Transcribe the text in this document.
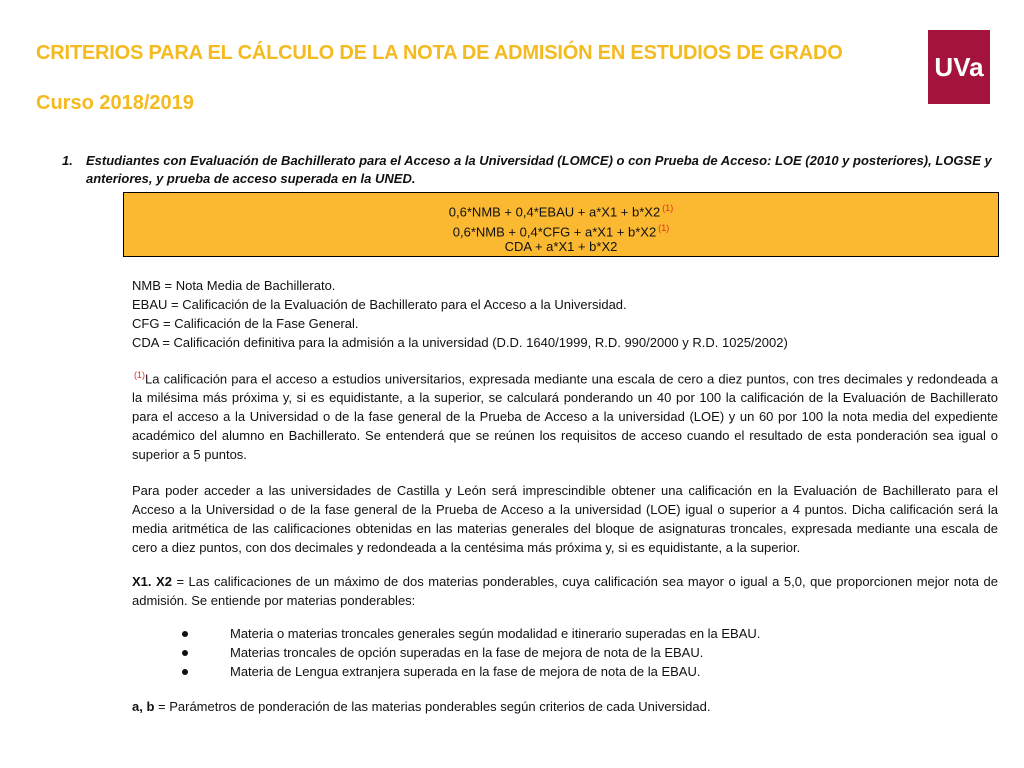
CRITERIOS PARA EL CÁLCULO DE LA NOTA DE ADMISIÓN EN ESTUDIOS DE GRADO
Curso 2018/2019
UVa
1. Estudiantes con Evaluación de Bachillerato para el Acceso a la Universidad (LOMCE) o con Prueba de Acceso: LOE (2010 y posteriores), LOGSE y anteriores, y prueba de acceso superada en la UNED.
0,6*NMB + 0,4*EBAU + a*X1 + b*X2 $^{(1)}$
0,6*NMB + 0,4*CFG + a*X1 + b*X2 $^{(1)}$
CDA + a*X1 + b*X2
NMB = Nota Media de Bachillerato.
EBAU = Calificación de la Evaluación de Bachillerato para el Acceso a la Universidad.
CFG = Calificación de la Fase General.
CDA = Calificación definitiva para la admisión a la universidad (D.D. 1640/1999, R.D. 990/2000 y R.D. 1025/2002)
$^{(1)}$La calificación para el acceso a estudios universitarios, expresada mediante una escala de cero a diez puntos, con tres decimales y redondeada a la milésima más próxima y, si es equidistante, a la superior, se calculará ponderando un 40 por 100 la calificación de la Evaluación de Bachillerato para el acceso a la Universidad o de la fase general de la Prueba de Acceso a la universidad (LOE) y un 60 por 100 la nota media del expediente académico del alumno en Bachillerato. Se entenderá que se reúnen los requisitos de acceso cuando el resultado de esta ponderación sea igual o superior a 5 puntos.
Para poder acceder a las universidades de Castilla y León será imprescindible obtener una calificación en la Evaluación de Bachillerato para el Acceso a la Universidad o de la fase general de la Prueba de Acceso a la universidad (LOE) igual o superior a 4 puntos. Dicha calificación será la media aritmética de las calificaciones obtenidas en las materias generales del bloque de asignaturas troncales, expresada mediante una escala de cero a diez puntos, con dos decimales y redondeada a la centésima más próxima y, si es equidistante, a la superior.
X1. X2 = Las calificaciones de un máximo de dos materias ponderables, cuya calificación sea mayor o igual a 5,0, que proporcionen mejor nota de admisión. Se entiende por materias ponderables:
Materia o materias troncales generales según modalidad e itinerario superadas en la EBAU.
Materias troncales de opción superadas en la fase de mejora de nota de la EBAU.
Materia de Lengua extranjera superada en la fase de mejora de nota de la EBAU.
a, b = Parámetros de ponderación de las materias ponderables según criterios de cada Universidad.
